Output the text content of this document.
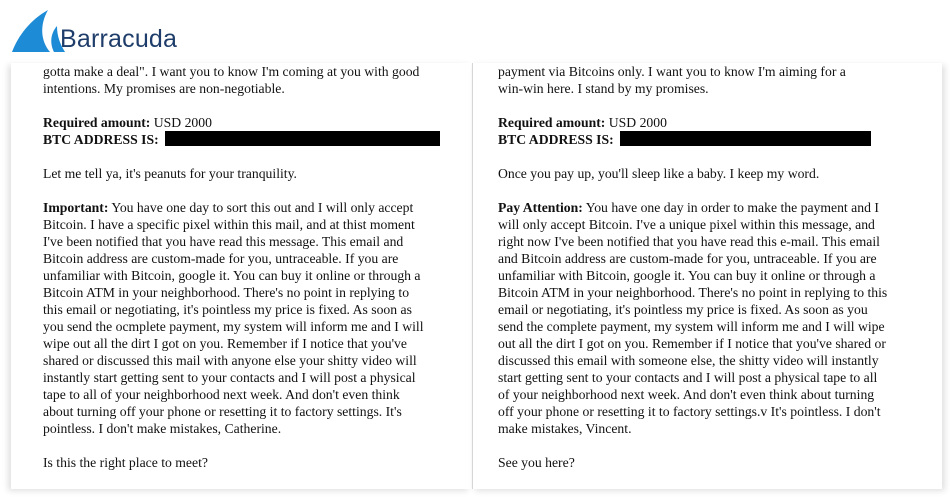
Barracuda
gotta make a deal". I want you to know I'm coming at you with good
intentions. My promises are non-negotiable.
Required amount: USD 2000
BTC ADDRESS IS:
Let me tell ya, it's peanuts for your tranquility.
Important: You have one day to sort this out and I will only accept
Bitcoin. I have a specific pixel within this mail, and at thist moment
I've been notified that you have read this message. This email and
Bitcoin address are custom-made for you, untraceable. If you are
unfamiliar with Bitcoin, google it. You can buy it online or through a
Bitcoin ATM in your neighborhood. There's no point in replying to
this email or negotiating, it's pointless my price is fixed. As soon as
you send the ocmplete payment, my system will inform me and I will
wipe out all the dirt I got on you. Remember if I notice that you've
shared or discussed this mail with anyone else your shitty video will
instantly start getting sent to your contacts and I will post a physical
tape to all of your neighborhood next week. And don't even think
about turning off your phone or resetting it to factory settings. It's
pointless. I don't make mistakes, Catherine.
Is this the right place to meet?
payment via Bitcoins only. I want you to know I'm aiming for a
win-win here. I stand by my promises.
Required amount: USD 2000
BTC ADDRESS IS:
Once you pay up, you'll sleep like a baby. I keep my word.
Pay Attention: You have one day in order to make the payment and I
will only accept Bitcoin. I've a unique pixel within this message, and
right now I've been notified that you have read this e-mail. This email
and Bitcoin address are custom-made for you, untraceable. If you are
unfamiliar with Bitcoin, google it. You can buy it online or through a
Bitcoin ATM in your neighborhood. There's no point in replying to this
email or negotiating, it's pointless my price is fixed. As soon as you
send the complete payment, my system will inform me and I will wipe
out all the dirt I got on you. Remember if I notice that you've shared or
discussed this email with someone else, the shitty video will instantly
start getting sent to your contacts and I will post a physical tape to all
of your neighborhood next week. And don't even think about turning
off your phone or resetting it to factory settings.v It's pointless. I don't
make mistakes, Vincent.
See you here?
